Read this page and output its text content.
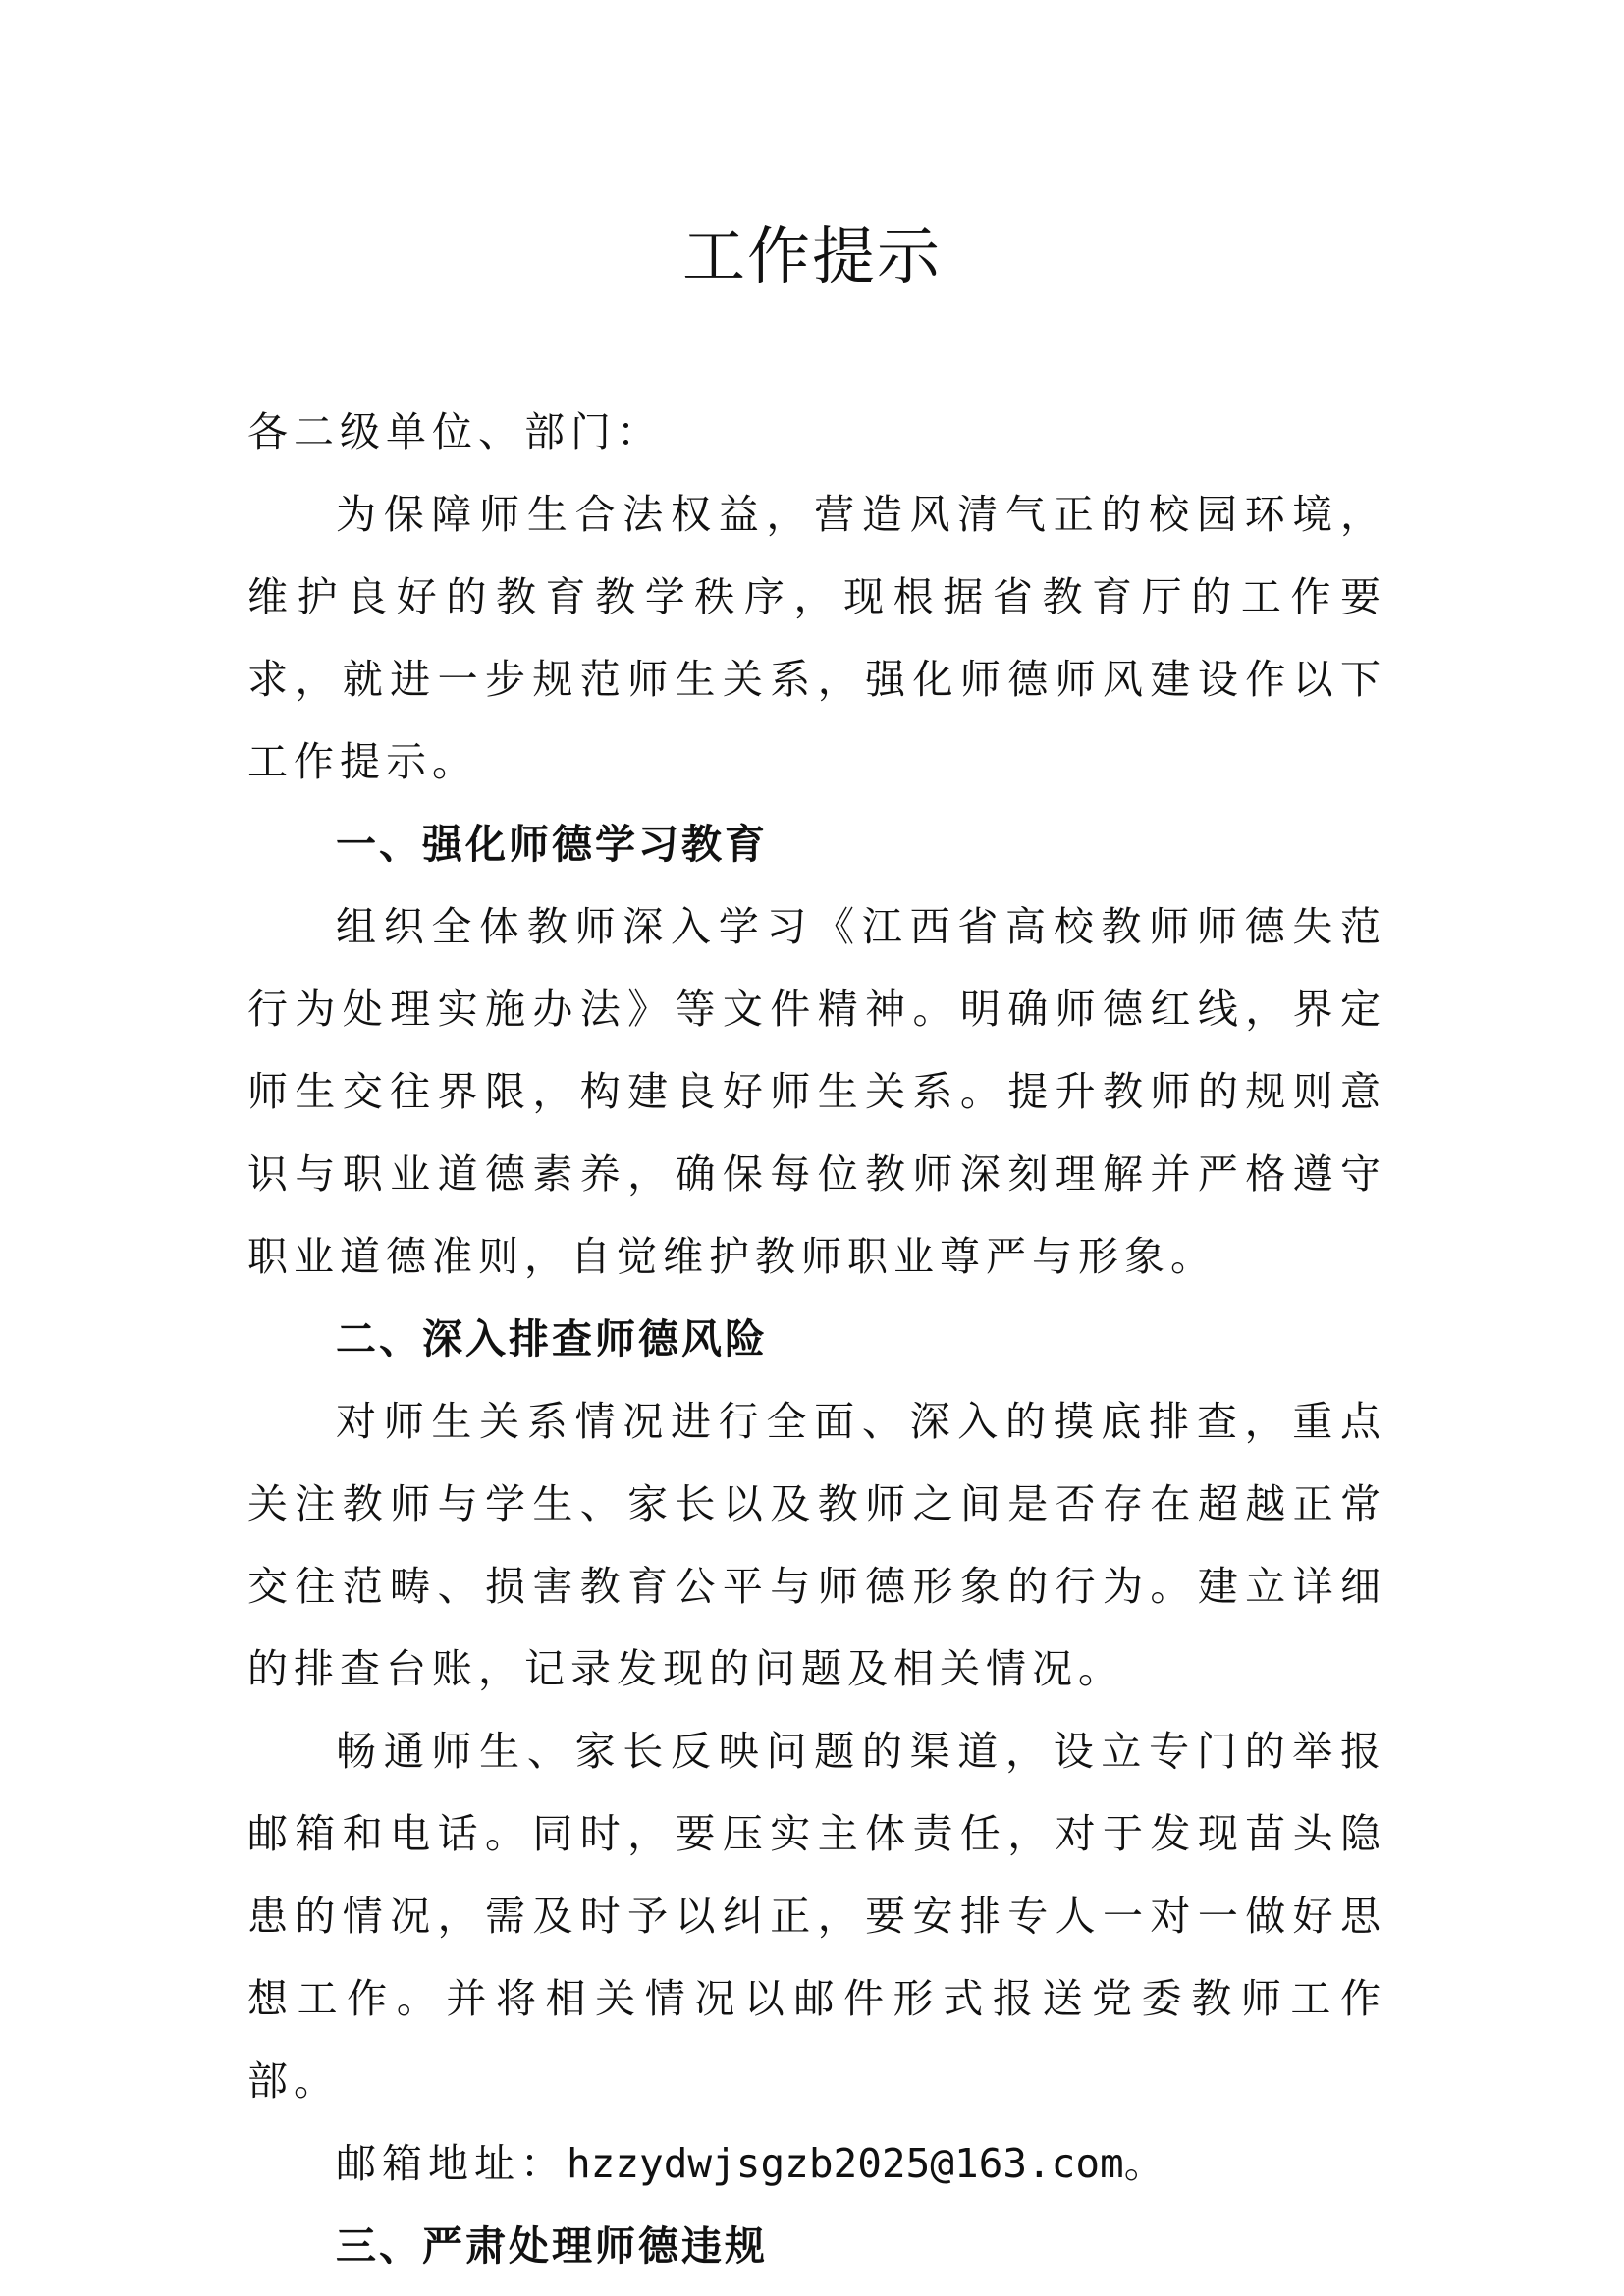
工作提示

各二级单位、部门：

为保障师生合法权益，营造风清气正的校园环境，维护良好的教育教学秩序，现根据省教育厅的工作要求，就进一步规范师生关系，强化师德师风建设作以下工作提示。

一、强化师德学习教育

组织全体教师深入学习《江西省高校教师师德失范行为处理实施办法》等文件精神。明确师德红线，界定师生交往界限，构建良好师生关系。提升教师的规则意识与职业道德素养，确保每位教师深刻理解并严格遵守职业道德准则，自觉维护教师职业尊严与形象。

二、深入排查师德风险

对师生关系情况进行全面、深入的摸底排查，重点关注教师与学生、家长以及教师之间是否存在超越正常交往范畴、损害教育公平与师德形象的行为。建立详细的排查台账，记录发现的问题及相关情况。

畅通师生、家长反映问题的渠道，设立专门的举报邮箱和电话。同时，要压实主体责任，对于发现苗头隐患的情况，需及时予以纠正，要安排专人一对一做好思想工作。并将相关情况以邮件形式报送党委教师工作部。

邮箱地址：hzzydwjsgzb2025@163.com。

三、严肃处理师德违规
